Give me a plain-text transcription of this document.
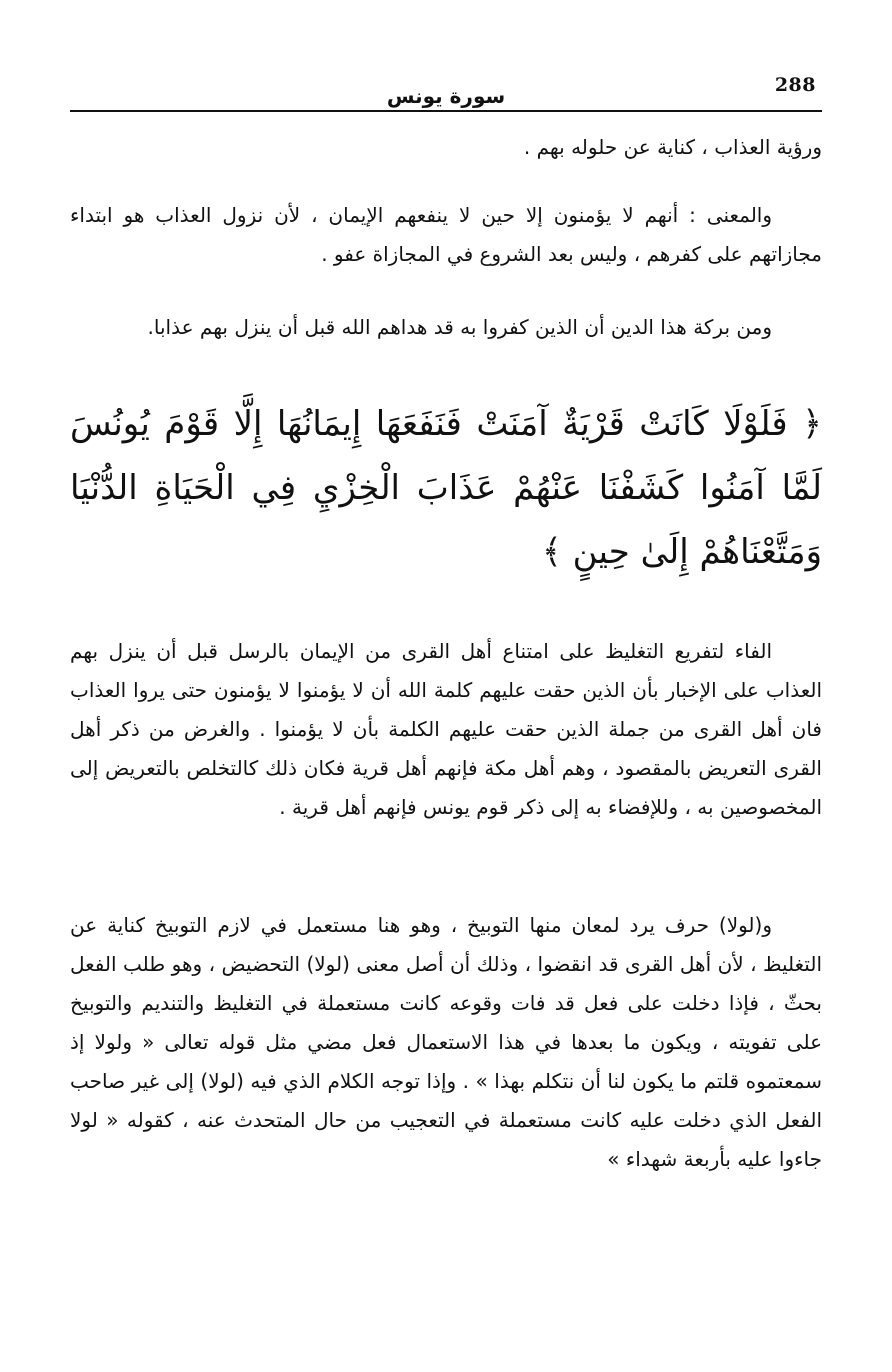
288
سورة يونس

ورؤية العذاب ، كناية عن حلوله بهم .

والمعنى : أنهم لا يؤمنون إلا حين لا ينفعهم الإيمان ، لأن نزول العذاب هو ابتداء مجازاتهم على كفرهم ، وليس بعد الشروع في المجازاة عفو .

ومن بركة هذا الدين أن الذين كفروا به قد هداهم الله قبل أن ينزل بهم عذابا.

﴿ فَلَوْلَا كَانَتْ قَرْيَةٌ آمَنَتْ فَنَفَعَهَا إِيمَانُهَا إِلَّا قَوْمَ يُونُسَ لَمَّا آمَنُوا كَشَفْنَا عَنْهُمْ عَذَابَ الْخِزْيِ فِي الْحَيَاةِ الدُّنْيَا وَمَتَّعْنَاهُمْ إِلَىٰ حِينٍ ﴾

الفاء لتفريع التغليظ على امتناع أهل القرى من الإيمان بالرسل قبل أن ينزل بهم العذاب على الإخبار بأن الذين حقت عليهم كلمة الله أن لا يؤمنوا لا يؤمنون حتى يروا العذاب فان أهل القرى من جملة الذين حقت عليهم الكلمة بأن لا يؤمنوا . والغرض من ذكر أهل القرى التعريض بالمقصود ، وهم أهل مكة فإنهم أهل قرية فكان ذلك كالتخلص بالتعريض إلى المخصوصين به ، وللإفضاء به إلى ذكر قوم يونس فإنهم أهل قرية .

و(لولا) حرف يرد لمعان منها التوبيخ ، وهو هنا مستعمل في لازم التوبيخ كناية عن التغليظ ، لأن أهل القرى قد انقضوا ، وذلك أن أصل معنى (لولا) التحضيض ، وهو طلب الفعل بحثّ ، فإذا دخلت على فعل قد فات وقوعه كانت مستعملة في التغليظ والتنديم والتوبيخ على تفويته ، ويكون ما بعدها في هذا الاستعمال فعل مضي مثل قوله تعالى « ولولا إذ سمعتموه قلتم ما يكون لنا أن نتكلم بهذا » . وإذا توجه الكلام الذي فيه (لولا) إلى غير صاحب الفعل الذي دخلت عليه كانت مستعملة في التعجيب من حال المتحدث عنه ، كقوله « لولا جاءوا عليه بأربعة شهداء »
